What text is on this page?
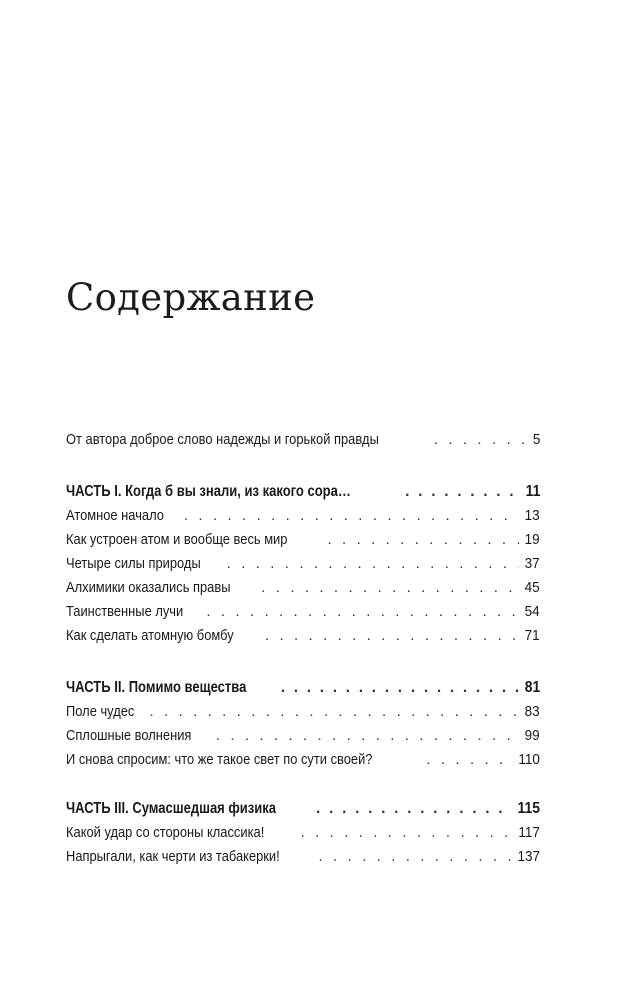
Содержание
От автора доброе слово надежды и горькой правды . . .	5
ЧАСТЬ I. Когда б вы знали, из какого сора… . . .	11
Атомное начало . . .	13
Как устроен атом и вообще весь мир . . .	19
Четыре силы природы . . .	37
Алхимики оказались правы . . .	45
Таинственные лучи . . .	54
Как сделать атомную бомбу . . .	71
ЧАСТЬ II. Помимо вещества . . .	81
Поле чудес . . .	83
Сплошные волнения . . .	99
И снова спросим: что же такое свет по сути своей? . . .	110
ЧАСТЬ III. Сумасшедшая физика . . .	115
Какой удар со стороны классика! . . .	117
Напрыгали, как черти из табакерки! . . .	137
